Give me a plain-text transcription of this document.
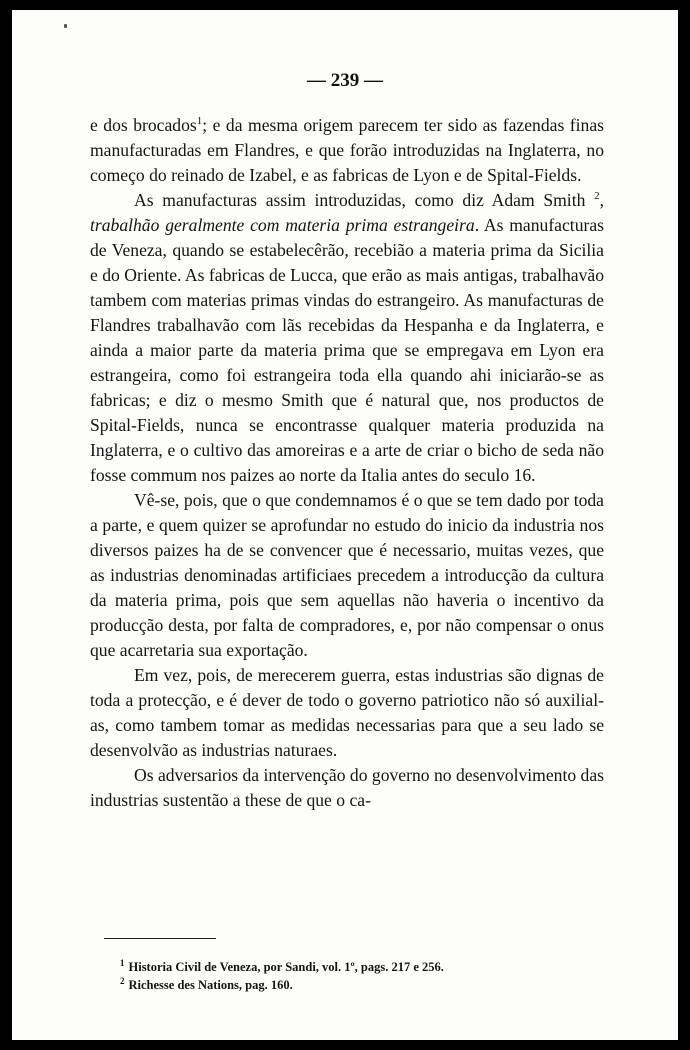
— 239 —

e dos brocados$^1$; e da mesma origem parecem ter sido as fazendas finas manufacturadas em Flandres, e que forão introduzidas na Inglaterra, no começo do reinado de Izabel, e as fabricas de Lyon e de Spital-Fields.

As manufacturas assim introduzidas, como diz Adam Smith $^2$, trabalhão geralmente com materia prima estrangeira. As manufacturas de Veneza, quando se estabelecêrão, recebião a materia prima da Sicilia e do Oriente. As fabricas de Lucca, que erão as mais antigas, trabalhavão tambem com materias primas vindas do estrangeiro. As manufacturas de Flandres trabalhavão com lãs recebidas da Hespanha e da Inglaterra, e ainda a maior parte da materia prima que se empregava em Lyon era estrangeira, como foi estrangeira toda ella quando ahi iniciarão-se as fabricas; e diz o mesmo Smith que é natural que, nos productos de Spital-Fields, nunca se encontrasse qualquer materia produzida na Inglaterra, e o cultivo das amoreiras e a arte de criar o bicho de seda não fosse commum nos paizes ao norte da Italia antes do seculo 16.

Vê-se, pois, que o que condemnamos é o que se tem dado por toda a parte, e quem quizer se aprofundar no estudo do inicio da industria nos diversos paizes ha de se convencer que é necessario, muitas vezes, que as industrias denominadas artificiaes precedem a introducção da cultura da materia prima, pois que sem aquellas não haveria o incentivo da producção desta, por falta de compradores, e, por não compensar o onus que acarretaria sua exportação.

Em vez, pois, de merecerem guerra, estas industrias são dignas de toda a protecção, e é dever de todo o governo patriotico não só auxilial-as, como tambem tomar as medidas necessarias para que a seu lado se desenvolvão as industrias naturaes.

Os adversarios da intervenção do governo no desenvolvimento das industrias sustentão a these de que o ca-

$^1$ Historia Civil de Veneza, por Sandi, vol. 1º, pags. 217 e 256.
$^2$ Richesse des Nations, pag. 160.
